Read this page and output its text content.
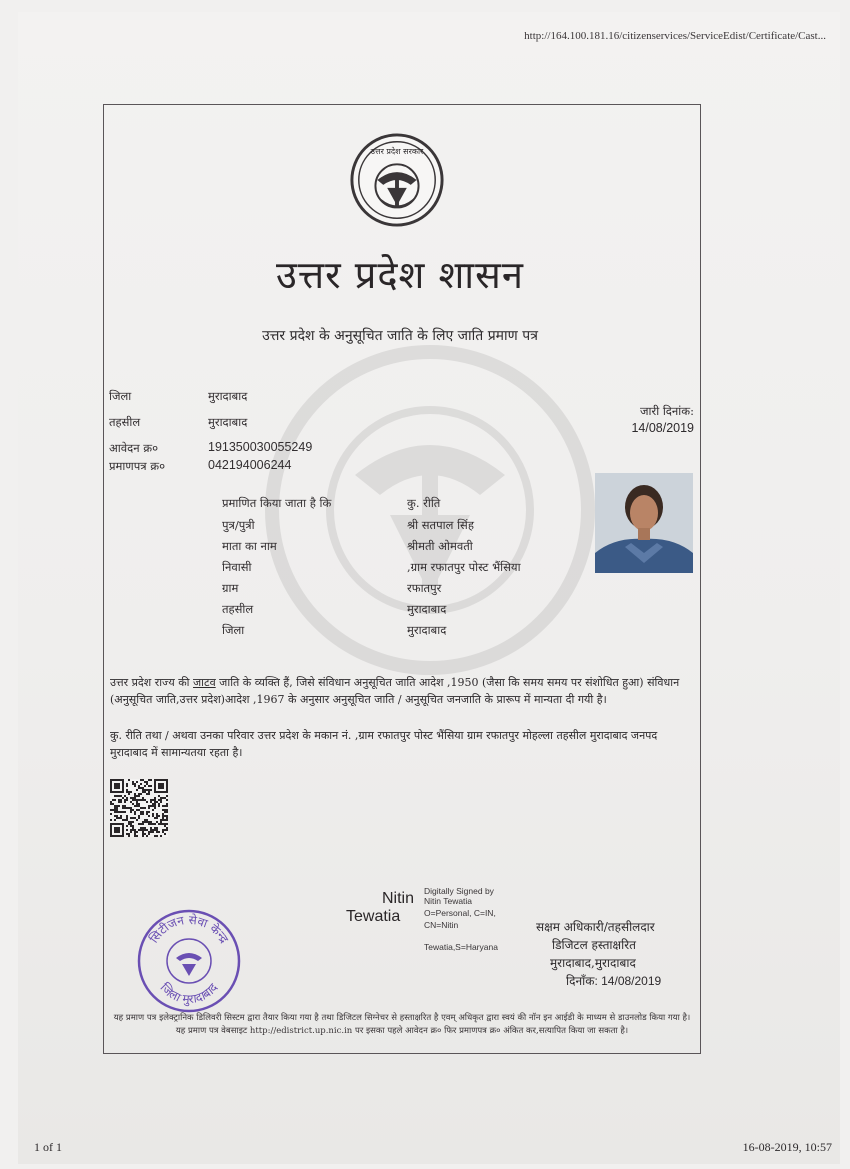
http://164.100.181.16/citizenservices/ServiceEdist/Certificate/Cast...
उत्तर प्रदेश सरकार
उत्तर प्रदेश शासन
उत्तर प्रदेश के अनुसूचित जाति के लिए जाति प्रमाण पत्र
जिला	मुरादाबाद
तहसील	मुरादाबाद
आवेदन क्र०	191350030055249
प्रमाणपत्र क्र०	042194006244
जारी दिनांक:
14/08/2019
प्रमाणित किया जाता है कि	कु. रीति
पुत्र/पुत्री	श्री सतपाल सिंह
माता का नाम	श्रीमती ओमवती
निवासी	,ग्राम रफातपुर पोस्ट भैंसिया
ग्राम	रफातपुर
तहसील	मुरादाबाद
जिला	मुरादाबाद
उत्तर प्रदेश राज्य की जाटव जाति के व्यक्ति हैं, जिसे संविधान अनुसूचित जाति आदेश ,1950 (जैसा कि समय समय पर संशोधित हुआ) संविधान (अनुसूचित जाति,उत्तर प्रदेश)आदेश ,1967 के अनुसार अनुसूचित जाति / अनुसूचित जनजाति के प्रारूप में मान्यता दी गयी है।
कु. रीति तथा / अथवा उनका परिवार उत्तर प्रदेश के मकान नं. ,ग्राम रफातपुर पोस्ट भैंसिया ग्राम रफातपुर मोहल्ला तहसील मुरादाबाद जनपद मुरादाबाद में सामान्यतया रहता है।
Nitin
Tewatia
Digitally Signed by
Nitin Tewatia
O=Personal, C=IN,
CN=Nitin
Tewatia,S=Haryana
सक्षम अधिकारी/तहसीलदार
डिजिटल हस्ताक्षरित
मुरादाबाद,मुरादाबाद
दिनाँक: 14/08/2019
सिटीजन सेवा केन्द्र
जिला मुरादाबाद
यह प्रमाण पत्र इलेक्ट्रानिक डिलिवरी सिस्टम द्वारा तैयार किया गया है तथा डिजिटल सिग्नेचर से हस्ताक्षरित है एवम् अधिकृत द्वारा स्वयं की नॉन इन आईडी के माध्यम से डाउनलोड किया गया है। यह प्रमाण पत्र वेबसाइट http://edistrict.up.nic.in पर इसका पहले आवेदन क्र० फिर प्रमाणपत्र क्र० अंकित कर,सत्यापित किया जा सकता है।
1 of 1	16-08-2019, 10:57
